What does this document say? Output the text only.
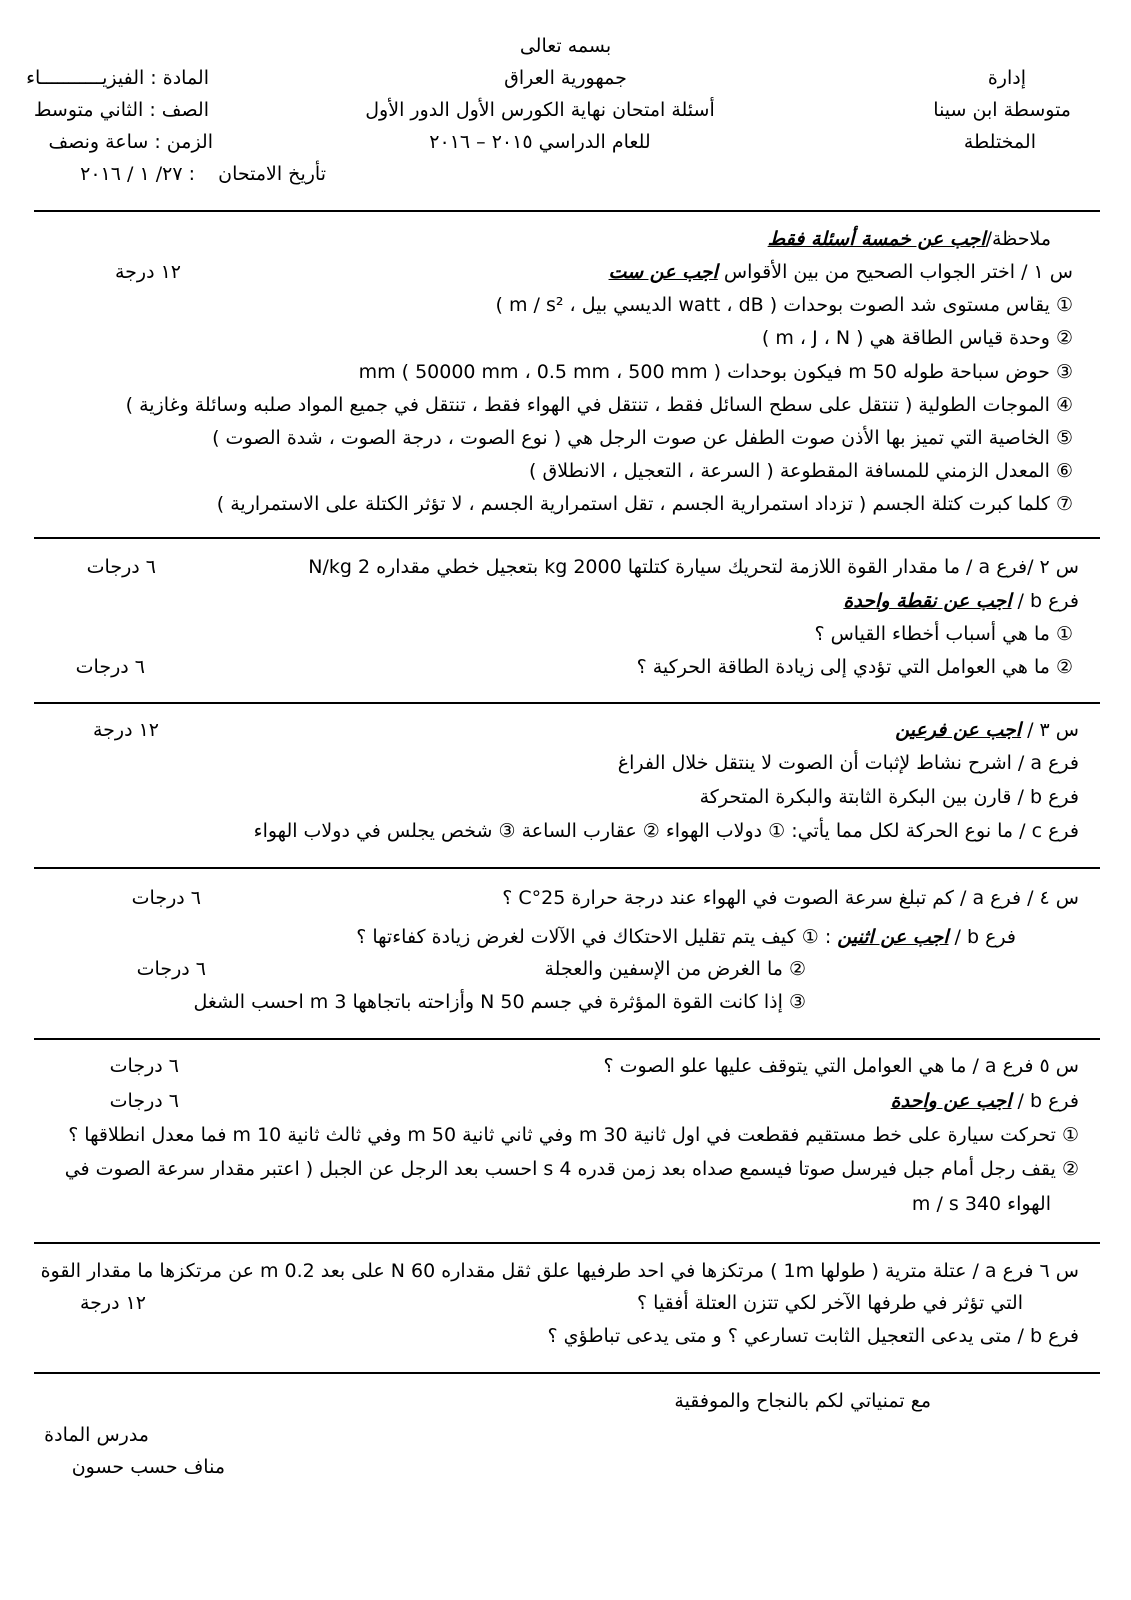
بسمه تعالى
جمهورية العراق
أسئلة امتحان نهاية الكورس الأول الدور الأول
للعام الدراسي ٢٠١٥ – ٢٠١٦
إدارة
متوسطة ابن سينا
المختلطة
المادة : الفيزيـــــــــــاء
الصف : الثاني متوسط
الزمن : ساعة ونصف
تأريخ الامتحان
: ٢٧/ ١ / ٢٠١٦
ملاحظة/اجب عن خمسة أسئلة فقط
س ١ / اختر الجواب الصحيح من بين الأقواس اجب عن ست
١٢ درجة
① يقاس مستوى شد الصوت بوحدات ( watt ، dB الديسي بيل ، m / s² )
② وحدة قياس الطاقة هي ( m ، J ، N )
③ حوض سباحة طوله 50 m فيكون بوحدات mm ( 50000 mm ، 0.5 mm ، 500 mm )
④ الموجات الطولية ( تنتقل على سطح السائل فقط ، تنتقل في الهواء فقط ، تنتقل في جميع المواد صلبه وسائلة وغازية )
⑤ الخاصية التي تميز بها الأذن صوت الطفل عن صوت الرجل هي ( نوع الصوت ، درجة الصوت ، شدة الصوت )
⑥ المعدل الزمني للمسافة المقطوعة ( السرعة ، التعجيل ، الانطلاق )
⑦ كلما كبرت كتلة الجسم ( تزداد استمرارية الجسم ، تقل استمرارية الجسم ، لا تؤثر الكتلة على الاستمرارية )
س ٢ /فرع a / ما مقدار القوة اللازمة لتحريك سيارة كتلتها 2000 kg بتعجيل خطي مقداره 2 N/kg
٦ درجات
فرع b / اجب عن نقطة واحدة
① ما هي أسباب أخطاء القياس ؟
② ما هي العوامل التي تؤدي إلى زيادة الطاقة الحركية ؟
٦ درجات
س ٣ / اجب عن فرعين
١٢ درجة
فرع a / اشرح نشاط لإثبات أن الصوت لا ينتقل خلال الفراغ
فرع b / قارن بين البكرة الثابتة والبكرة المتحركة
فرع c / ما نوع الحركة لكل مما يأتي: ① دولاب الهواء ② عقارب الساعة ③ شخص يجلس في دولاب الهواء
س ٤ / فرع a / كم تبلغ سرعة الصوت في الهواء عند درجة حرارة 25°C ؟
٦ درجات
فرع b / اجب عن اثنين : ① كيف يتم تقليل الاحتكاك في الآلات لغرض زيادة كفاءتها ؟
② ما الغرض من الإسفين والعجلة
٦ درجات
③ إذا كانت القوة المؤثرة في جسم 50 N وأزاحته باتجاهها 3 m احسب الشغل
س ٥ فرع a / ما هي العوامل التي يتوقف عليها علو الصوت ؟
٦ درجات
فرع b / اجب عن واحدة
٦ درجات
① تحركت سيارة على خط مستقيم فقطعت في اول ثانية 30 m وفي ثاني ثانية 50 m وفي ثالث ثانية 10 m فما معدل انطلاقها ؟
② يقف رجل أمام جبل فيرسل صوتا فيسمع صداه بعد زمن قدره 4 s احسب بعد الرجل عن الجبل ( اعتبر مقدار سرعة الصوت في
الهواء 340 m / s
س ٦ فرع a / عتلة مترية ( طولها 1m ) مرتكزها في احد طرفيها علق ثقل مقداره 60 N على بعد 0.2 m عن مرتكزها ما مقدار القوة
التي تؤثر في طرفها الآخر لكي تتزن العتلة أفقيا ؟
١٢ درجة
فرع b / متى يدعى التعجيل الثابت تسارعي ؟ و متى يدعى تباطؤي ؟
مع تمنياتي لكم بالنجاح والموفقية
مدرس المادة
مناف حسب حسون
